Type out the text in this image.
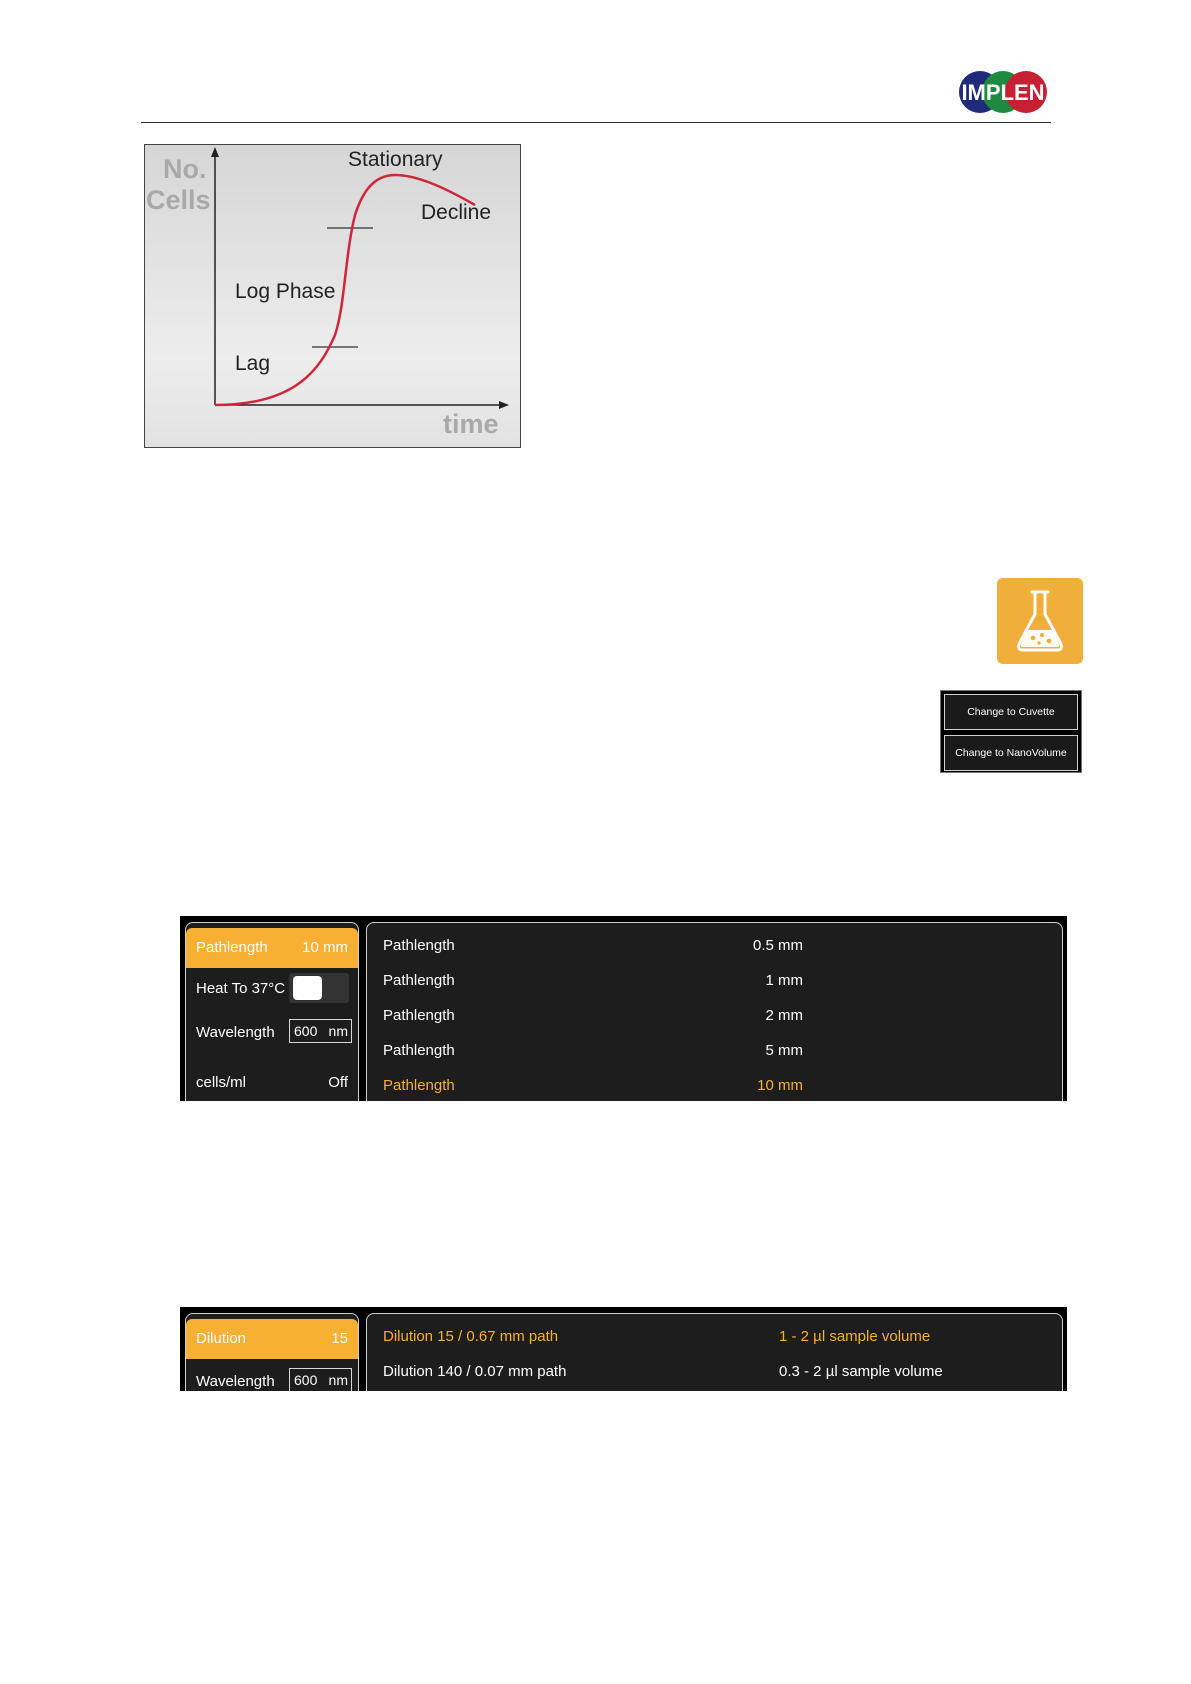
IMPLEN
No.
Cells
time
Stationary
Decline
Log Phase
Lag
Change to Cuvette
Change to NanoVolume
Pathlength 10 mm
Heat To 37°C
Wavelength 600 nm
cells/ml	Off
Pathlength	0.5 mm
Pathlength	1 mm
Pathlength	2 mm
Pathlength	5 mm
Pathlength	10 mm
Dilution	15
Wavelength 600 nm
Dilution 15 / 0.67 mm path	1 - 2 µl sample volume
Dilution 140 / 0.07 mm path	0.3 - 2 µl sample volume
